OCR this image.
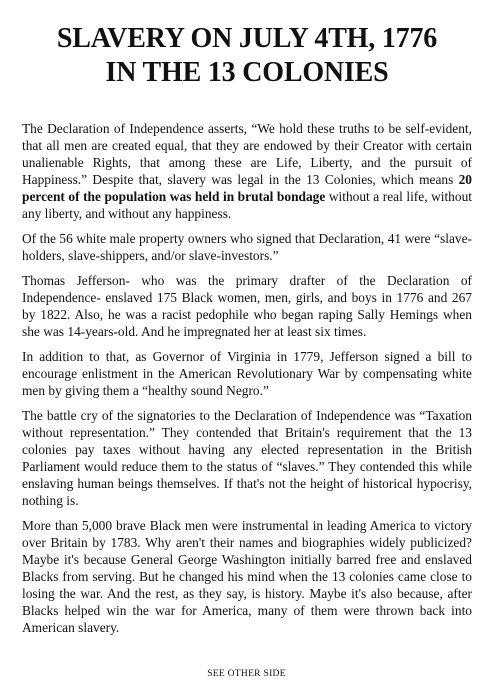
SLAVERY ON JULY 4TH, 1776
IN THE 13 COLONIES

The Declaration of Independence asserts, “We hold these truths to be self-evident, that all men are created equal, that they are endowed by their Creator with certain unalienable Rights, that among these are Life, Liberty, and the pursuit of Happiness.” Despite that, slavery was legal in the 13 Colonies, which means 20 percent of the population was held in brutal bondage without a real life, without any liberty, and without any happiness.

Of the 56 white male property owners who signed that Declaration, 41 were “slave-holders, slave-shippers, and/or slave-investors.”

Thomas Jefferson- who was the primary drafter of the Declaration of Independence- enslaved 175 Black women, men, girls, and boys in 1776 and 267 by 1822. Also, he was a racist pedophile who began raping Sally Hemings when she was 14-years-old. And he impregnated her at least six times.

In addition to that, as Governor of Virginia in 1779, Jefferson signed a bill to encourage enlistment in the American Revolutionary War by compensating white men by giving them a “healthy sound Negro.”

The battle cry of the signatories to the Declaration of Independence was “Taxation without representation.” They contended that Britain's requirement that the 13 colonies pay taxes without having any elected representation in the British Parliament would reduce them to the status of “slaves.” They contended this while enslaving human beings themselves. If that's not the height of historical hypocrisy, nothing is.

More than 5,000 brave Black men were instrumental in leading America to victory over Britain by 1783. Why aren't their names and biographies widely publicized? Maybe it's because General George Washington initially barred free and enslaved Blacks from serving. But he changed his mind when the 13 colonies came close to losing the war. And the rest, as they say, is history. Maybe it's also because, after Blacks helped win the war for America, many of them were thrown back into American slavery.

SEE OTHER SIDE
